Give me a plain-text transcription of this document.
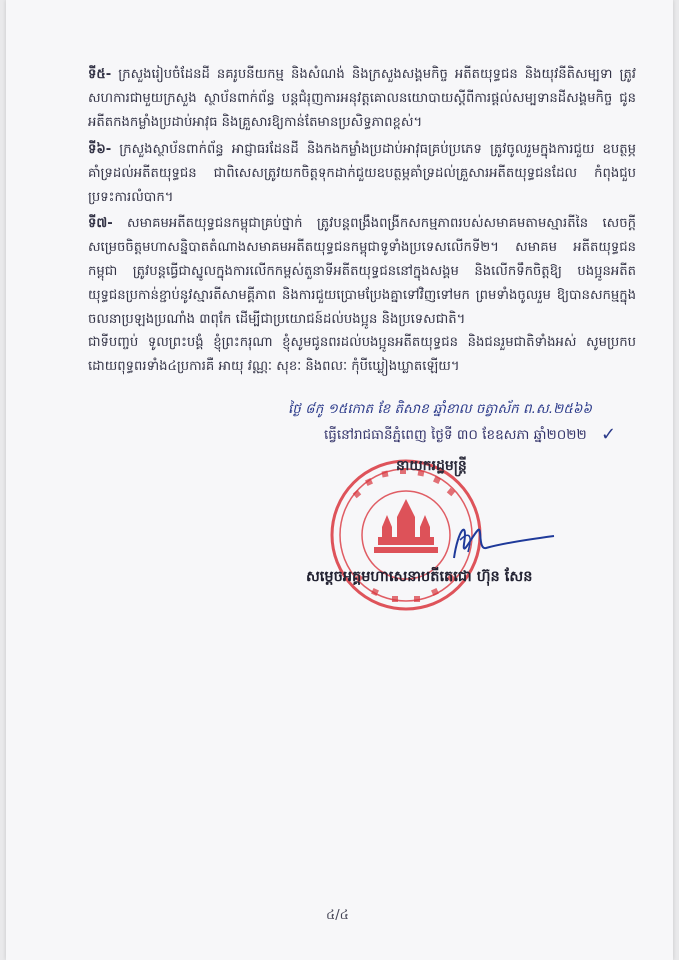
ទី៥- ក្រសួងរៀបចំដែនដី នគរូបនីយកម្ម និងសំណង់ និងក្រសួងសង្គមកិច្ច អតីតយុទ្ធជន និងយុវនីតិសម្បទា ត្រូវសហការជាមួយក្រសួង ស្ថាប័នពាក់ព័ន្ធ បន្តជំរុញការអនុវត្តគោលនយោបាយស្តីពីការផ្តល់សម្បទានដីសង្គមកិច្ច ជូនអតីតកងកម្លាំងប្រដាប់អាវុធ និងគ្រួសារឱ្យកាន់តែមានប្រសិទ្ធភាពខ្ពស់។
ទី៦- ក្រសួងស្ថាប័នពាក់ព័ន្ធ អាជ្ញាធរដែនដី និងកងកម្លាំងប្រដាប់អាវុធគ្រប់ប្រភេទ ត្រូវចូលរួមក្នុងការជួយ ឧបត្ថម្ភគាំទ្រដល់អតីតយុទ្ធជន ជាពិសេសត្រូវយកចិត្តទុកដាក់ជួយឧបត្ថម្ភគាំទ្រដល់គ្រួសារអតីតយុទ្ធជនដែល កំពុងជួបប្រទះការលំបាក។
ទី៧- សមាគមអតីតយុទ្ធជនកម្ពុជាគ្រប់ថ្នាក់ ត្រូវបន្តពង្រឹងពង្រីកសកម្មភាពរបស់សមាគមតាមស្មារតីនៃ សេចក្តីសម្រេចចិត្តមហាសន្និបាតតំណាងសមាគមអតីតយុទ្ធជនកម្ពុជាទូទាំងប្រទេសលើកទី២។ សមាគម អតីតយុទ្ធជនកម្ពុជា ត្រូវបន្តធ្វើជាស្នូលក្នុងការលើកកម្ពស់តួនាទីអតីតយុទ្ធជននៅក្នុងសង្គម និងលើកទឹកចិត្តឱ្យ បងប្អូនអតីតយុទ្ធជនប្រកាន់ខ្ជាប់នូវស្មារតីសាមគ្គីភាព និងការជួយប្រោមប្រែងគ្នាទៅវិញទៅមក ព្រមទាំងចូលរួម ឱ្យបានសកម្មក្នុងចលនាប្រឡងប្រណាំង ៣ពុកែ ដើម្បីជាប្រយោជន៍ដល់បងប្អូន និងប្រទេសជាតិ។
ជាទីបញ្ចប់ ទូលព្រះបង្គំ ខ្ញុំព្រះករុណា ខ្ញុំសូមជូនពរដល់បងប្អូនអតីតយុទ្ធជន និងជនរួមជាតិទាំងអស់ សូមប្រកបដោយពុទ្ធពរទាំង៤ប្រការគឺ អាយុ វណ្ណៈ សុខៈ និងពលៈ កុំបីឃ្លៀងឃ្លាតឡើយ។
ថ្ងៃ ៨កូ ១៥កោត ខែ តិសាខ ឆ្នាំខាល ចត្វាស័ក ព.ស.២៥៦៦
ធ្វើនៅរាជធានីភ្នំពេញ ថ្ងៃទី ៣០ ខែឧសភា ឆ្នាំ២០២២ ✓
នាយករដ្ឋមន្ត្រី
សម្តេចអគ្គមហាសេនាបតីតេជោ ហ៊ុន សែន
៤/៤
